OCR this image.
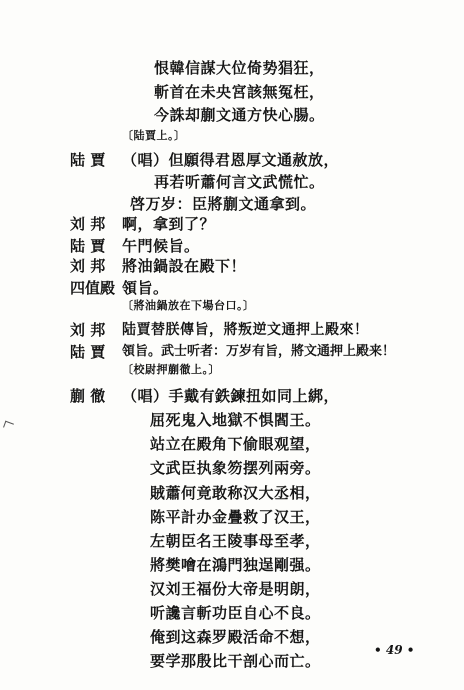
恨韓信謀大位倚势猖狂，
斬首在未央宮該無冤枉，
今誅却蒯文通方快心腸。
〔陆賈上。〕
陆 賈 （唱）但願得君恩厚文通赦放，
再若听蕭何言文武慌忙。
啓万岁：臣將蒯文通拿到。
刘 邦 啊，拿到了？
陆 賈 午門候旨。
刘 邦 將油鍋設在殿下！
四值殿 領旨。
〔將油鍋放在下場台口。〕
刘 邦 陆賈替朕傳旨，將叛逆文通押上殿來！
陆 賈 領旨。武士听者：万岁有旨，將文通押上殿来！
〔校尉押蒯徹上。〕
蒯 徹 （唱）手戴有鉄鍊扭如同上綁，
屈死鬼入地獄不惧閻王。
站立在殿角下偷眼观望，
文武臣执象笏摆列兩旁。
賊蕭何竟敢称汉大丞相，
陈平計办金疊救了汉王，
左朝臣名王陵事母至孝，
將樊噲在鴻門独逞剛强。
汉刘王福份大帝是明朗，
听讒言斬功臣自心不良。
俺到这森罗殿活命不想，
要学那殷比干剖心而亡。
• 49 •
